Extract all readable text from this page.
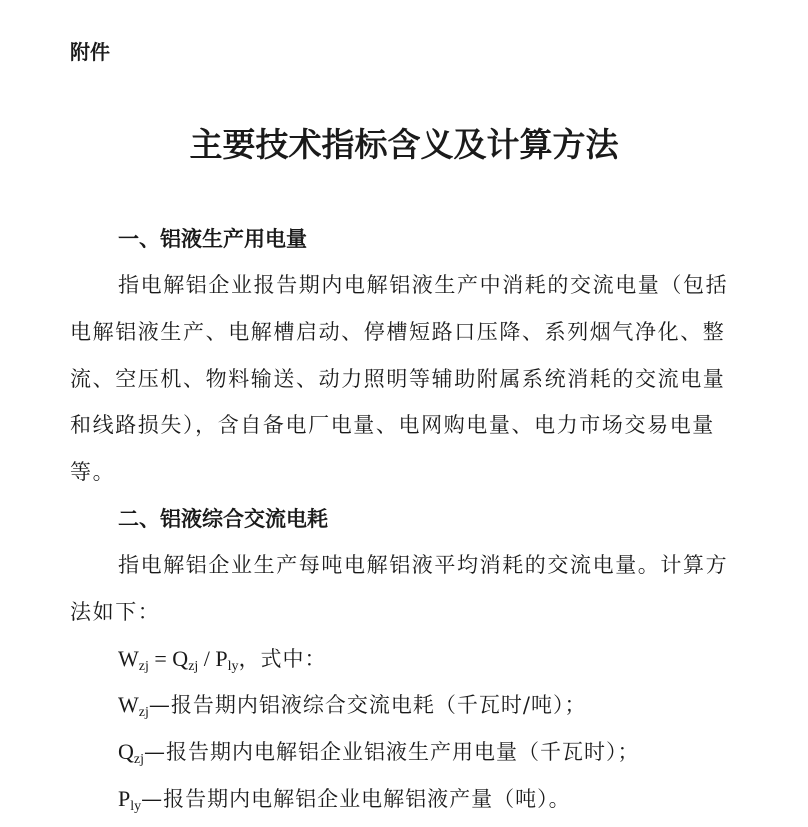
附件
主要技术指标含义及计算方法
一、铝液生产用电量
指电解铝企业报告期内电解铝液生产中消耗的交流电量（包括
电解铝液生产、电解槽启动、停槽短路口压降、系列烟气净化、整
流、空压机、物料输送、动力照明等辅助附属系统消耗的交流电量
和线路损失），含自备电厂电量、电网购电量、电力市场交易电量
等。
二、铝液综合交流电耗
指电解铝企业生产每吨电解铝液平均消耗的交流电量。计算方
法如下：
$W_{zj} = Q_{zj} / P_{ly}$，式中：
$W_{zj}—$报告期内铝液综合交流电耗（千瓦时/吨）；
$Q_{zj}—$报告期内电解铝企业铝液生产用电量（千瓦时）；
$P_{ly}—$报告期内电解铝企业电解铝液产量（吨）。
